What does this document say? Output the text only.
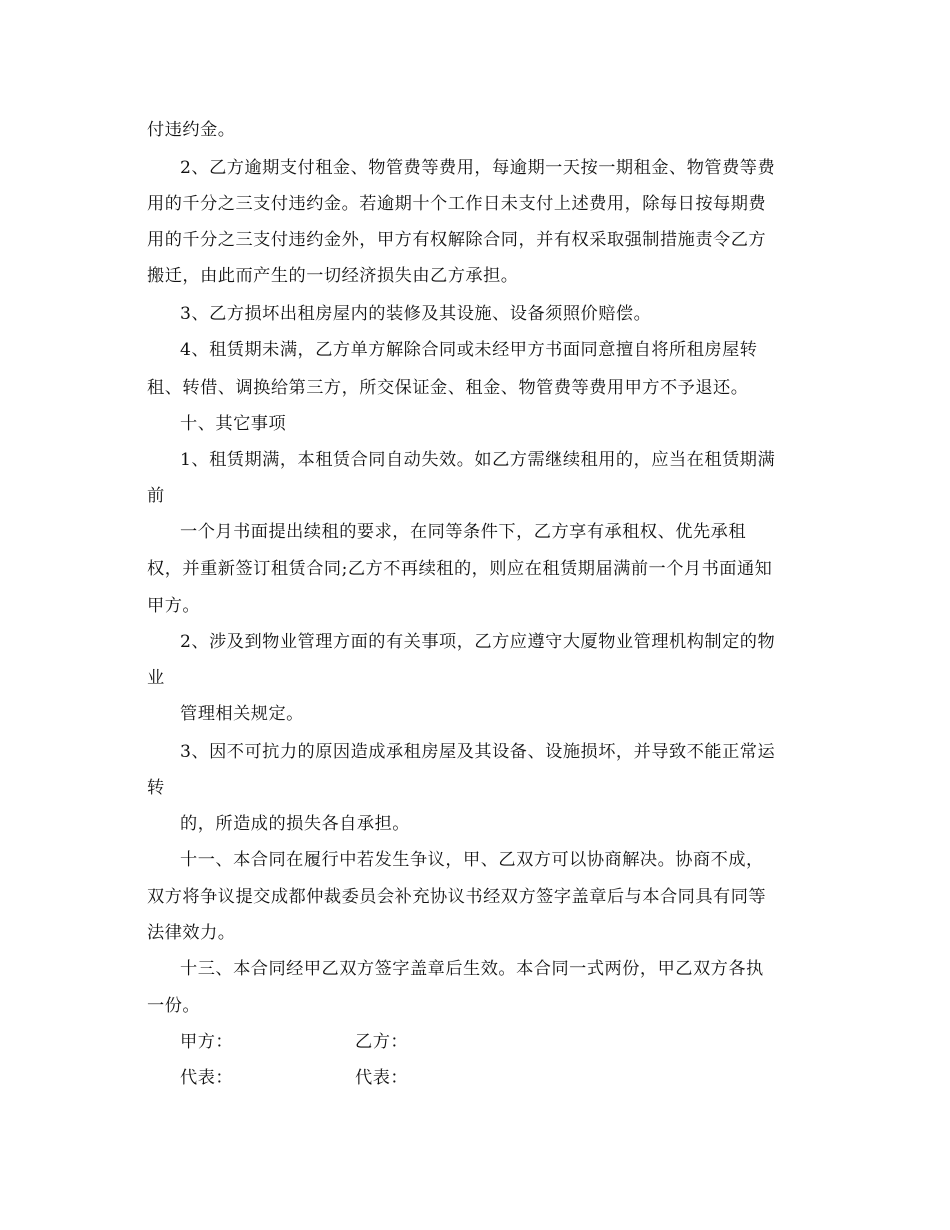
付违约金。
2、乙方逾期支付租金、物管费等费用，每逾期一天按一期租金、物管费等费
用的千分之三支付违约金。若逾期十个工作日未支付上述费用，除每日按每期费
用的千分之三支付违约金外，甲方有权解除合同，并有权采取强制措施责令乙方
搬迁，由此而产生的一切经济损失由乙方承担。
3、乙方损坏出租房屋内的装修及其设施、设备须照价赔偿。
4、租赁期未满，乙方单方解除合同或未经甲方书面同意擅自将所租房屋转
租、转借、调换给第三方，所交保证金、租金、物管费等费用甲方不予退还。
十、其它事项
1、租赁期满，本租赁合同自动失效。如乙方需继续租用的，应当在租赁期满
前
一个月书面提出续租的要求，在同等条件下，乙方享有承租权、优先承租
权，并重新签订租赁合同;乙方不再续租的，则应在租赁期届满前一个月书面通知
甲方。
2、涉及到物业管理方面的有关事项，乙方应遵守大厦物业管理机构制定的物
业
管理相关规定。
3、因不可抗力的原因造成承租房屋及其设备、设施损坏，并导致不能正常运
转
的，所造成的损失各自承担。
十一、本合同在履行中若发生争议，甲、乙双方可以协商解决。协商不成，
双方将争议提交成都仲裁委员会补充协议书经双方签字盖章后与本合同具有同等
法律效力。
十三、本合同经甲乙双方签字盖章后生效。本合同一式两份，甲乙双方各执
一份。
甲方：	乙方：
代表：	代表：
